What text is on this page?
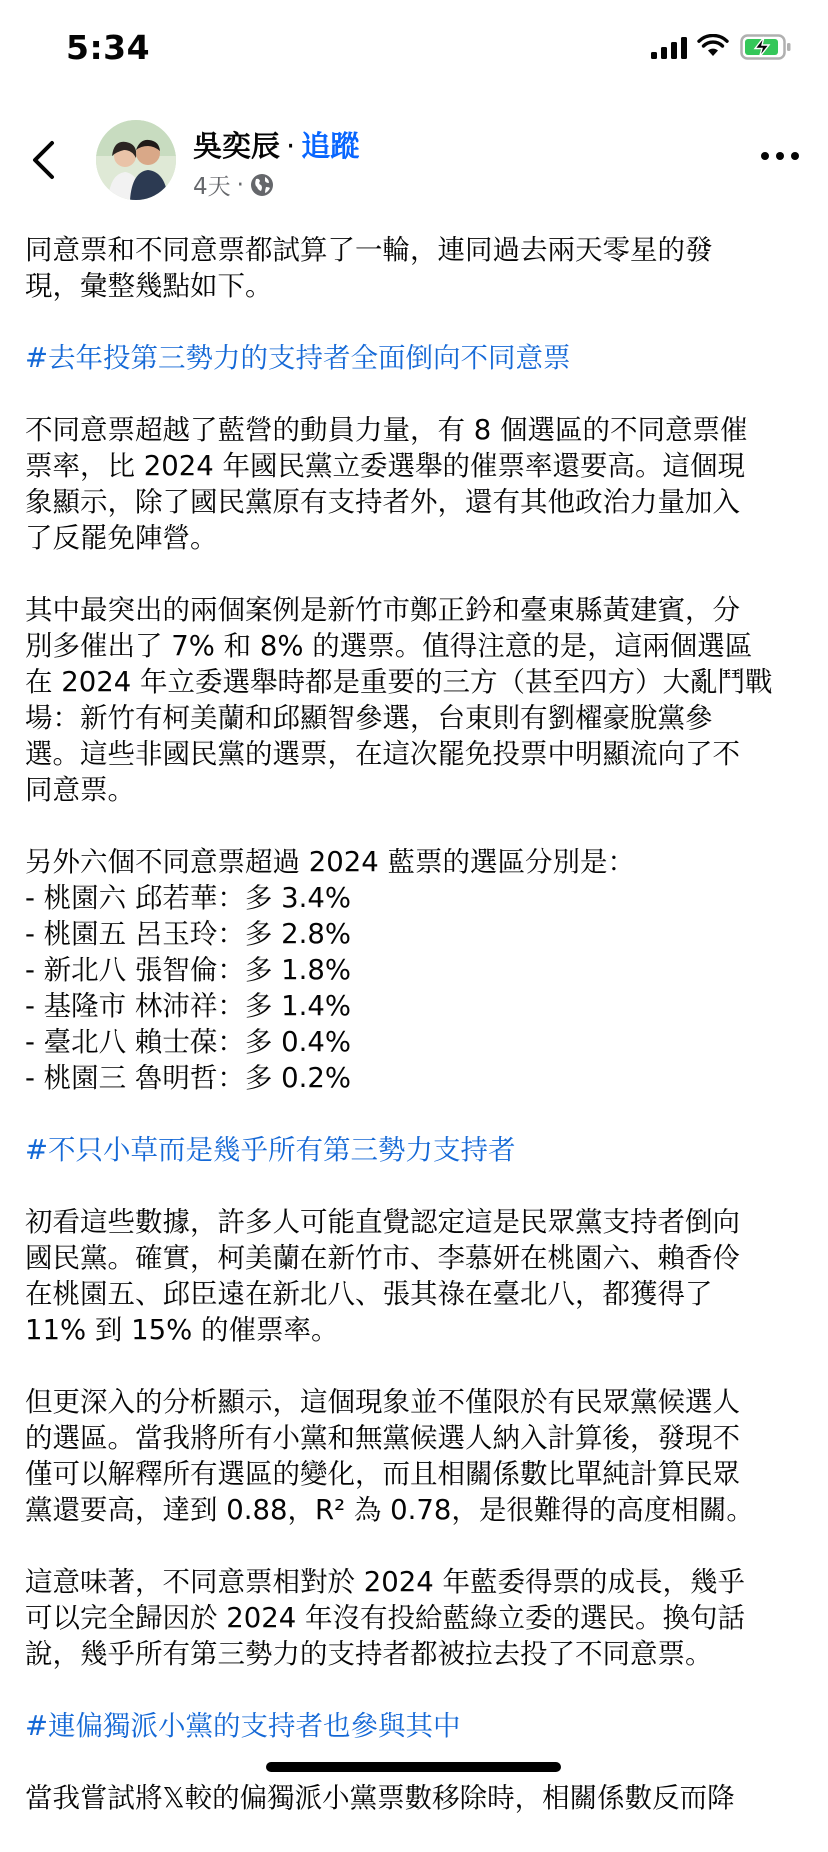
5:34
吳奕辰 · 追蹤
4天 ·
同意票和不同意票都試算了一輪，連同過去兩天零星的發
現，彙整幾點如下。
#去年投第三勢力的支持者全面倒向不同意票
不同意票超越了藍營的動員力量，有 8 個選區的不同意票催
票率，比 2024 年國民黨立委選舉的催票率還要高。這個現
象顯示，除了國民黨原有支持者外，還有其他政治力量加入
了反罷免陣營。
其中最突出的兩個案例是新竹市鄭正鈐和臺東縣黃建賓，分
別多催出了 7% 和 8% 的選票。值得注意的是，這兩個選區
在 2024 年立委選舉時都是重要的三方（甚至四方）大亂鬥戰
場：新竹有柯美蘭和邱顯智參選，台東則有劉櫂豪脫黨參
選。這些非國民黨的選票，在這次罷免投票中明顯流向了不
同意票。
另外六個不同意票超過 2024 藍票的選區分別是：
- 桃園六 邱若華：多 3.4%
- 桃園五 呂玉玲：多 2.8%
- 新北八 張智倫：多 1.8%
- 基隆市 林沛祥：多 1.4%
- 臺北八 賴士葆：多 0.4%
- 桃園三 魯明哲：多 0.2%
#不只小草而是幾乎所有第三勢力支持者
初看這些數據，許多人可能直覺認定這是民眾黨支持者倒向
國民黨。確實，柯美蘭在新竹市、李慕妍在桃園六、賴香伶
在桃園五、邱臣遠在新北八、張其祿在臺北八，都獲得了
11% 到 15% 的催票率。
但更深入的分析顯示，這個現象並不僅限於有民眾黨候選人
的選區。當我將所有小黨和無黨候選人納入計算後，發現不
僅可以解釋所有選區的變化，而且相關係數比單純計算民眾
黨還要高，達到 0.88，R² 為 0.78，是很難得的高度相關。
這意味著，不同意票相對於 2024 年藍委得票的成長，幾乎
可以完全歸因於 2024 年沒有投給藍綠立委的選民。換句話
說，幾乎所有第三勢力的支持者都被拉去投了不同意票。
#連偏獨派小黨的支持者也參與其中
當我嘗試將𝕏較的偏獨派小黨票數移除時，相關係數反而降
